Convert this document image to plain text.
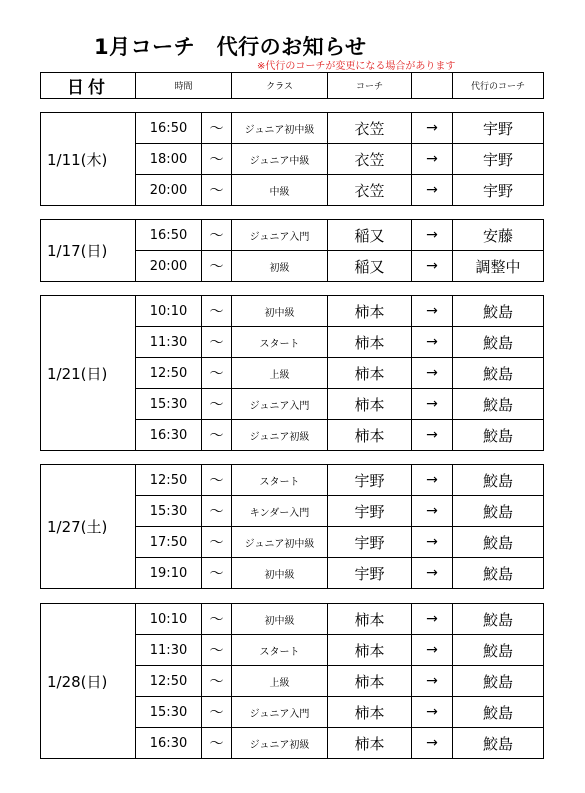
1月コーチ　代行のお知らせ
※代行のコーチが変更になる場合があります
日付	時間	クラス	コーチ		代行のコーチ
1/11(木)	16:50	～	ジュニア初中級	衣笠	→	宇野
	18:00	～	ジュニア中級	衣笠	→	宇野
	20:00	～	中級	衣笠	→	宇野
1/17(日)	16:50	～	ジュニア入門	稲又	→	安藤
	20:00	～	初級	稲又	→	調整中
1/21(日)	10:10	～	初中級	柿本	→	鮫島
	11:30	～	スタート	柿本	→	鮫島
	12:50	～	上級	柿本	→	鮫島
	15:30	～	ジュニア入門	柿本	→	鮫島
	16:30	～	ジュニア初級	柿本	→	鮫島
1/27(土)	12:50	～	スタート	宇野	→	鮫島
	15:30	～	キンダー入門	宇野	→	鮫島
	17:50	～	ジュニア初中級	宇野	→	鮫島
	19:10	～	初中級	宇野	→	鮫島
1/28(日)	10:10	～	初中級	柿本	→	鮫島
	11:30	～	スタート	柿本	→	鮫島
	12:50	～	上級	柿本	→	鮫島
	15:30	～	ジュニア入門	柿本	→	鮫島
	16:30	～	ジュニア初級	柿本	→	鮫島
